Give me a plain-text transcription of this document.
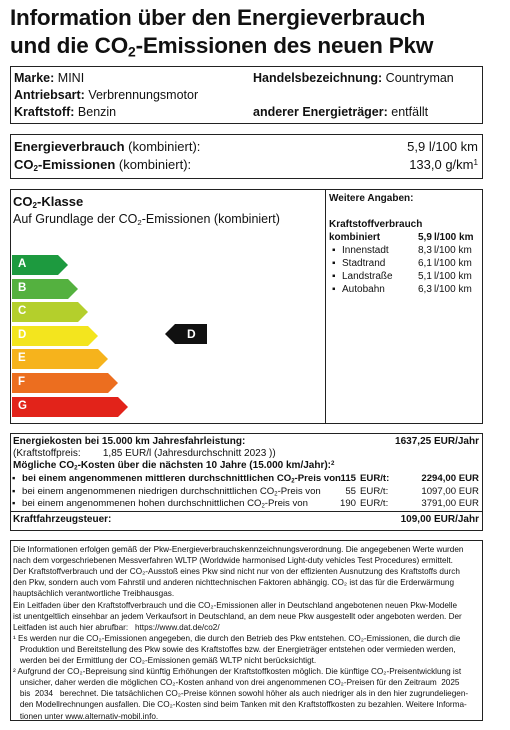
Information über den Energieverbrauch
und die $CO_2$-Emissionen des neuen Pkw
Marke: MINI
Antriebsart: Verbrennungsmotor
Kraftstoff: Benzin
Handelsbezeichnung: Countryman
anderer Energieträger: entfällt
Energieverbrauch (kombiniert):	5,9 l/100 km
$CO_2$-Emissionen (kombiniert):	133,0 $g/km^1$
$CO_2$-Klasse
Auf Grundlage der $CO_2$-Emissionen (kombiniert)
A
B
C
D
E
F
G
D
Weitere Angaben:
Kraftstoffverbrauch
kombiniert	5,9 l/100 km
▪ Innenstadt	8,3 l/100 km
▪ Stadtrand	6,1 l/100 km
▪ Landstraße	5,1 l/100 km
▪ Autobahn	6,3 l/100 km
Energiekosten bei 15.000 km Jahresfahrleistung:	1637,25 EUR/Jahr
(Kraftstoffpreis: 1,85 EUR/l (Jahresdurchschnitt 2023 ))
Mögliche $CO_2$-Kosten über die nächsten 10 Jahre (15.000 km/Jahr):$^2$
▪ bei einem angenommenen mittleren durchschnittlichen $CO_2$-Preis von 115 EUR/t:	2294,00 EUR
▪ bei einem angenommenen niedrigen durchschnittlichen $CO_2$-Preis von	55 EUR/t:	1097,00 EUR
▪ bei einem angenommenen hohen durchschnittlichen $CO_2$-Preis von	190 EUR/t:	3791,00 EUR
Kraftfahrzeugsteuer:	109,00 EUR/Jahr
Die Informationen erfolgen gemäß der Pkw-Energieverbrauchskennzeichnungsverordnung. Die angegebenen Werte wurden
nach dem vorgeschriebenen Messverfahren WLTP (Worldwide harmonised Light-duty vehicles Test Procedures) ermittelt.
Der Kraftstoffverbrauch und der CO₂-Ausstoß eines Pkw sind nicht nur von der effizienten Ausnutzung des Kraftstoffs durch
den Pkw, sondern auch vom Fahrstil und anderen nichttechnischen Faktoren abhängig. CO₂ ist das für die Erderwärmung
hauptsächlich verantwortliche Treibhausgas.
Ein Leitfaden über den Kraftstoffverbrauch und die CO₂-Emissionen aller in Deutschland angebotenen neuen Pkw-Modelle
ist unentgeltlich einsehbar an jedem Verkaufsort in Deutschland, an dem neue Pkw ausgestellt oder angeboten werden. Der
Leitfaden ist auch hier abrufbar:   https://www.dat.de/co2/
¹ Es werden nur die CO₂-Emissionen angegeben, die durch den Betrieb des Pkw entstehen. CO₂-Emissionen, die durch die
Produktion und Bereitstellung des Pkw sowie des Kraftstoffes bzw. der Energieträger entstehen oder vermieden werden,
werden bei der Ermittlung der CO₂-Emissionen gemäß WLTP nicht berücksichtigt.
² Aufgrund der CO₂-Bepreisung sind künftig Erhöhungen der Kraftstoffkosten möglich. Die künftige CO₂-Preisentwicklung ist
unsicher, daher werden die möglichen CO₂-Kosten anhand von drei angenommenen CO₂-Preisen für den Zeitraum  2025
bis  2034   berechnet. Die tatsächlichen CO₂-Preise können sowohl höher als auch niedriger als in den hier zugrundeliegen-
den Modellrechnungen ausfallen. Die CO₂-Kosten sind beim Tanken mit den Kraftstoffkosten zu bezahlen. Weitere Informa-
tionen unter www.alternativ-mobil.info.
